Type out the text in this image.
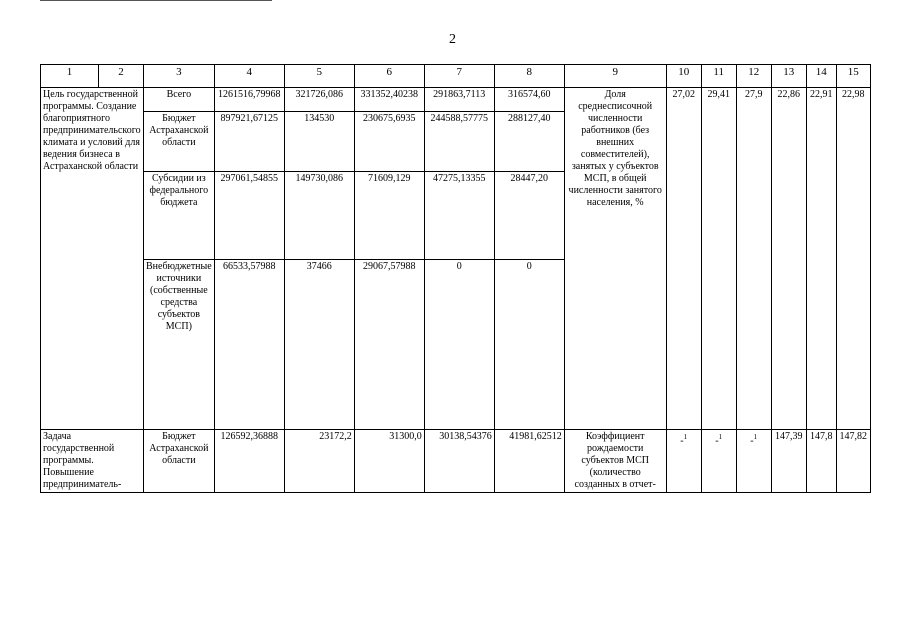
2
1	2	3	4	5	6	7	8	9	10	11	12	13	14	15
Цель государственной программы. Создание благоприятного предпринимательского климата и условий для ведения бизнеса в Астраханской области		Всего	1261516,79968	321726,086	331352,40238	291863,7113	316574,60	Доля среднесписочной численности работников (без внешних совместителей), занятых у субъектов МСП, в общей численности занятого населения, %	27,02	29,41	27,9	22,86	22,91	22,98
		Бюджет Астраханской области	897921,67125	134530	230675,6935	244588,57775	288127,40							
		Субсидии из федерального бюджета	297061,54855	149730,086	71609,129	47275,13355	28447,20							
		Внебюджетные источники (собственные средства субъектов МСП)	66533,57988	37466	29067,57988	0	0							
Задача государственной программы. Повышение предприниматель-		Бюджет Астраханской области	126592,36888	23172,2	31300,0	30138,54376	41981,62512	Коэффициент рождаемости субъектов МСП (количество созданных в отчет-	-$^1$	-$^1$	-$^1$	147,39	147,8	147,82
